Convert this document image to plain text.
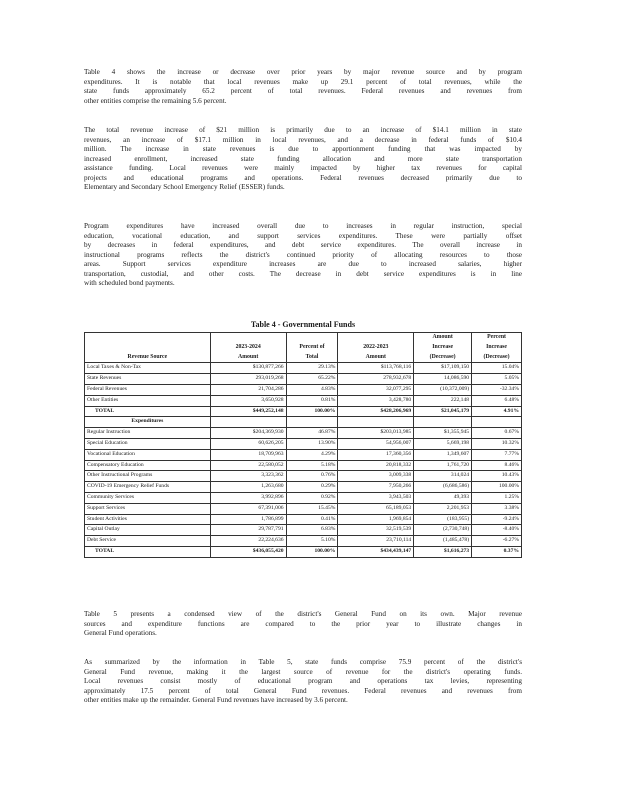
Table 4 shows the increase or decrease over prior years by major revenue source and by program

expenditures. It is notable that local revenues make up 29.1 percent of total revenues, while the

state funds approximately 65.2 percent of total revenues. Federal revenues and revenues from

other entities comprise the remaining 5.6 percent.

The total revenue increase of $21 million is primarily due to an increase of $14.1 million in state

revenues, an increase of $17.1 million in local revenues, and a decrease in federal funds of $10.4

million. The increase in state revenues is due to apportionment funding that was impacted by

increased enrollment, increased state funding allocation and more state transportation

assistance funding. Local revenues were mainly impacted by higher tax revenues for capital

projects and educational programs and operations. Federal revenues decreased primarily due to

Elementary and Secondary School Emergency Relief (ESSER) funds.

Program expenditures have increased overall due to increases in regular instruction, special

education, vocational education, and support services expenditures. These were partially offset

by decreases in federal expenditures, and debt service expenditures. The overall increase in

instructional programs reflects the district's continued priority of allocating resources to those

areas. Support services expenditure increases are due to increased salaries, higher

transportation, custodial, and other costs. The decrease in debt service expenditures is in line

with scheduled bond payments.

Table 4 - Governmental Funds
				Amount	Percent
	2023-2024	Percent of	2022-2023	Increase	Increase
Revenue Source	Amount	Total	Amount	(Decrease)	(Decrease)
Local Taxes & Non-Tax	$130,877,266	29.13%	$113,768,116	$17,109,150	15.04%
State Revenues	293,019,268	65.22%	278,932,678	14,086,590	5.05%
Federal Revenues	21,704,286	4.83%	32,077,295	(10,372,009)	-32.34%
Other Entities	3,650,928	0.81%	3,428,780	222,148	6.48%
TOTAL	$449,252,148	100.00%	$428,206,969	$21,045,179	4.91%
Expenditures					
Regular Instruction	$204,369,930	46.87%	$203,013,985	$1,355,945	0.67%
Special Education	60,626,205	13.90%	54,956,007	5,669,198	10.32%
Vocational Education	18,709,963	4.29%	17,360,356	1,349,607	7.77%
Compensatory Education	22,580,052	5.18%	20,818,332	1,761,720	8.46%
Other Instructional Programs	3,323,362	0.76%	3,009,338	314,024	10.43%
COVID-19 Emergency Relief Funds	1,263,680	0.29%	7,950,266	(6,686,586)	100.00%
Community Services	3,992,896	0.92%	3,943,503	49,393	1.25%
Support Services	67,391,006	15.45%	65,189,053	2,201,953	3.38%
Student Activities	1,786,899	0.41%	1,969,854	(183,955)	-9.24%
Capital Outlay	29,787,791	6.83%	32,519,539	(2,730,748)	-8.40%
Debt Service	22,224,636	5.10%	23,710,114	(1,485,478)	-6.27%
TOTAL	$436,055,420	100.00%	$434,439,147	$1,616,273	0.37%

Table 5 presents a condensed view of the district's General Fund on its own. Major revenue

sources and expenditure functions are compared to the prior year to illustrate changes in

General Fund operations.

As summarized by the information in Table 5, state funds comprise 75.9 percent of the district's

General Fund revenue, making it the largest source of revenue for the district's operating funds.

Local revenues consist mostly of educational program and operations tax levies, representing

approximately 17.5 percent of total General Fund revenues. Federal revenues and revenues from

other entities make up the remainder. General Fund revenues have increased by 3.6 percent.
